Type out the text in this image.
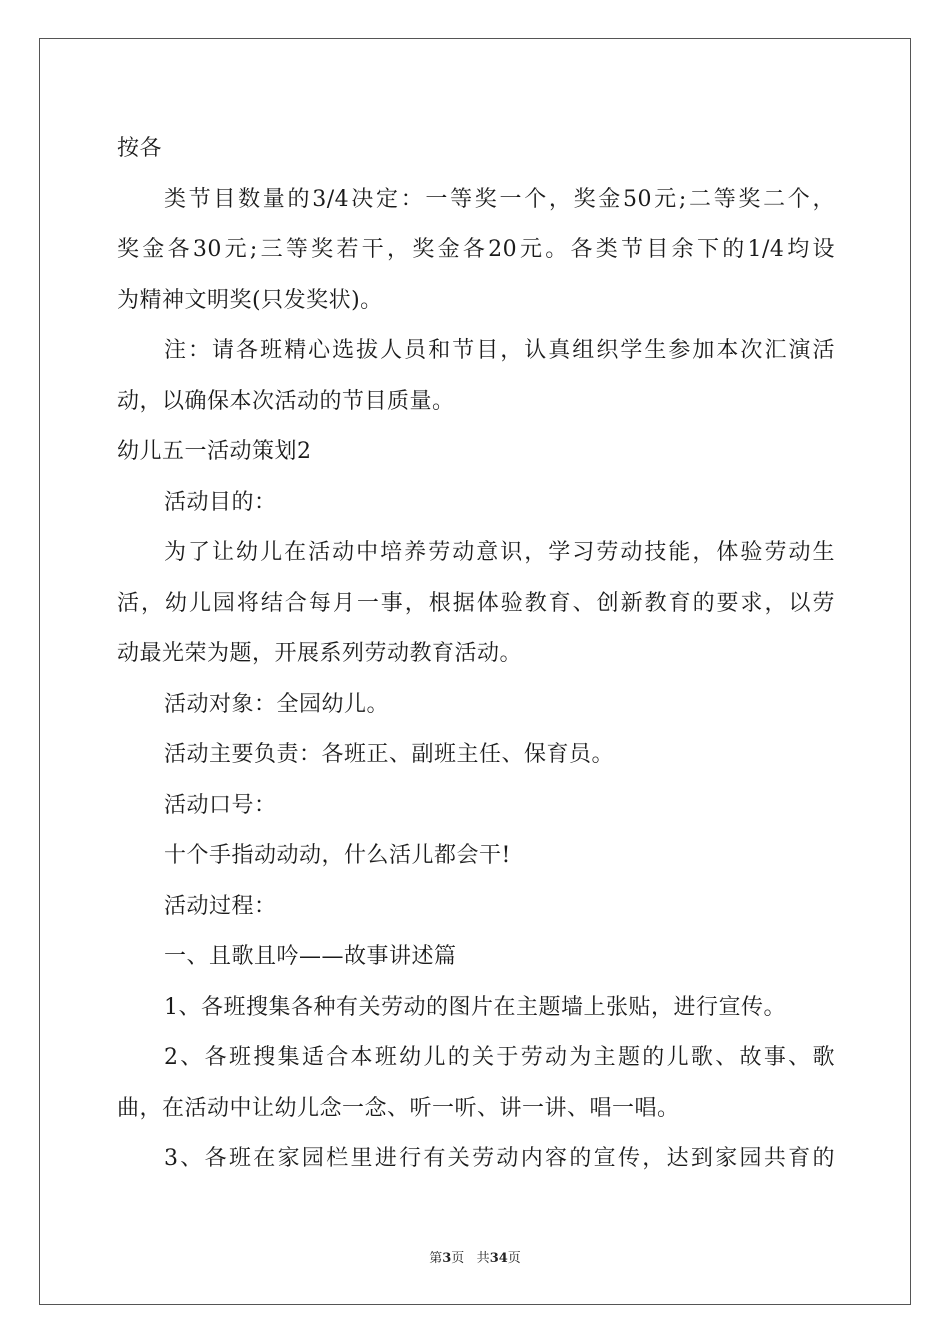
按各
类节目数量的3/4决定：一等奖一个，奖金50元;二等奖二个，
奖金各30元;三等奖若干，奖金各20元。各类节目余下的1/4均设
为精神文明奖(只发奖状)。
注：请各班精心选拔人员和节目，认真组织学生参加本次汇演活
动，以确保本次活动的节目质量。
幼儿五一活动策划2
活动目的：
为了让幼儿在活动中培养劳动意识，学习劳动技能，体验劳动生
活，幼儿园将结合每月一事，根据体验教育、创新教育的要求，以劳
动最光荣为题，开展系列劳动教育活动。
活动对象：全园幼儿。
活动主要负责：各班正、副班主任、保育员。
活动口号：
十个手指动动动，什么活儿都会干!
活动过程：
一、且歌且吟——故事讲述篇
1、各班搜集各种有关劳动的图片在主题墙上张贴，进行宣传。
2、各班搜集适合本班幼儿的关于劳动为主题的儿歌、故事、歌
曲，在活动中让幼儿念一念、听一听、讲一讲、唱一唱。
3、各班在家园栏里进行有关劳动内容的宣传，达到家园共育的
第3页 共34页
